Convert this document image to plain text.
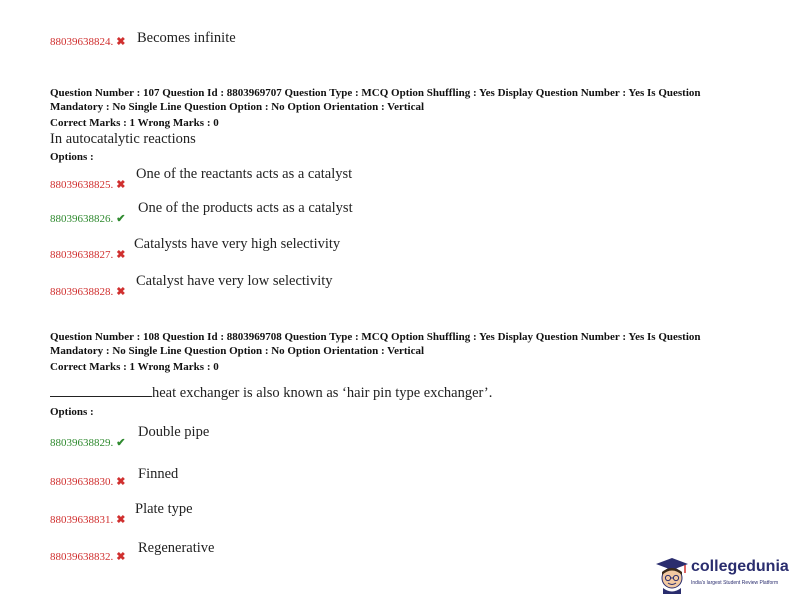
88039638824. ✖ Becomes infinite
Question Number : 107 Question Id : 8803969707 Question Type : MCQ Option Shuffling : Yes Display Question Number : Yes Is Question
Mandatory : No Single Line Question Option : No Option Orientation : Vertical
Correct Marks : 1 Wrong Marks : 0
In autocatalytic reactions
Options :
88039638825. ✖
One of the reactants acts as a catalyst
88039638826. ✔
One of the products acts as a catalyst
88039638827. ✖
Catalysts have very high selectivity
88039638828. ✖
Catalyst have very low selectivity
Question Number : 108 Question Id : 8803969708 Question Type : MCQ Option Shuffling : Yes Display Question Number : Yes Is Question
Mandatory : No Single Line Question Option : No Option Orientation : Vertical
Correct Marks : 1 Wrong Marks : 0
heat exchanger is also known as ‘hair pin type exchanger’.
Options :
88039638829. ✔
Double pipe
88039638830. ✖ Finned
88039638831. ✖
Plate type
88039638832. ✖
Regenerative
collegedunia
India's largest Student Review Platform
